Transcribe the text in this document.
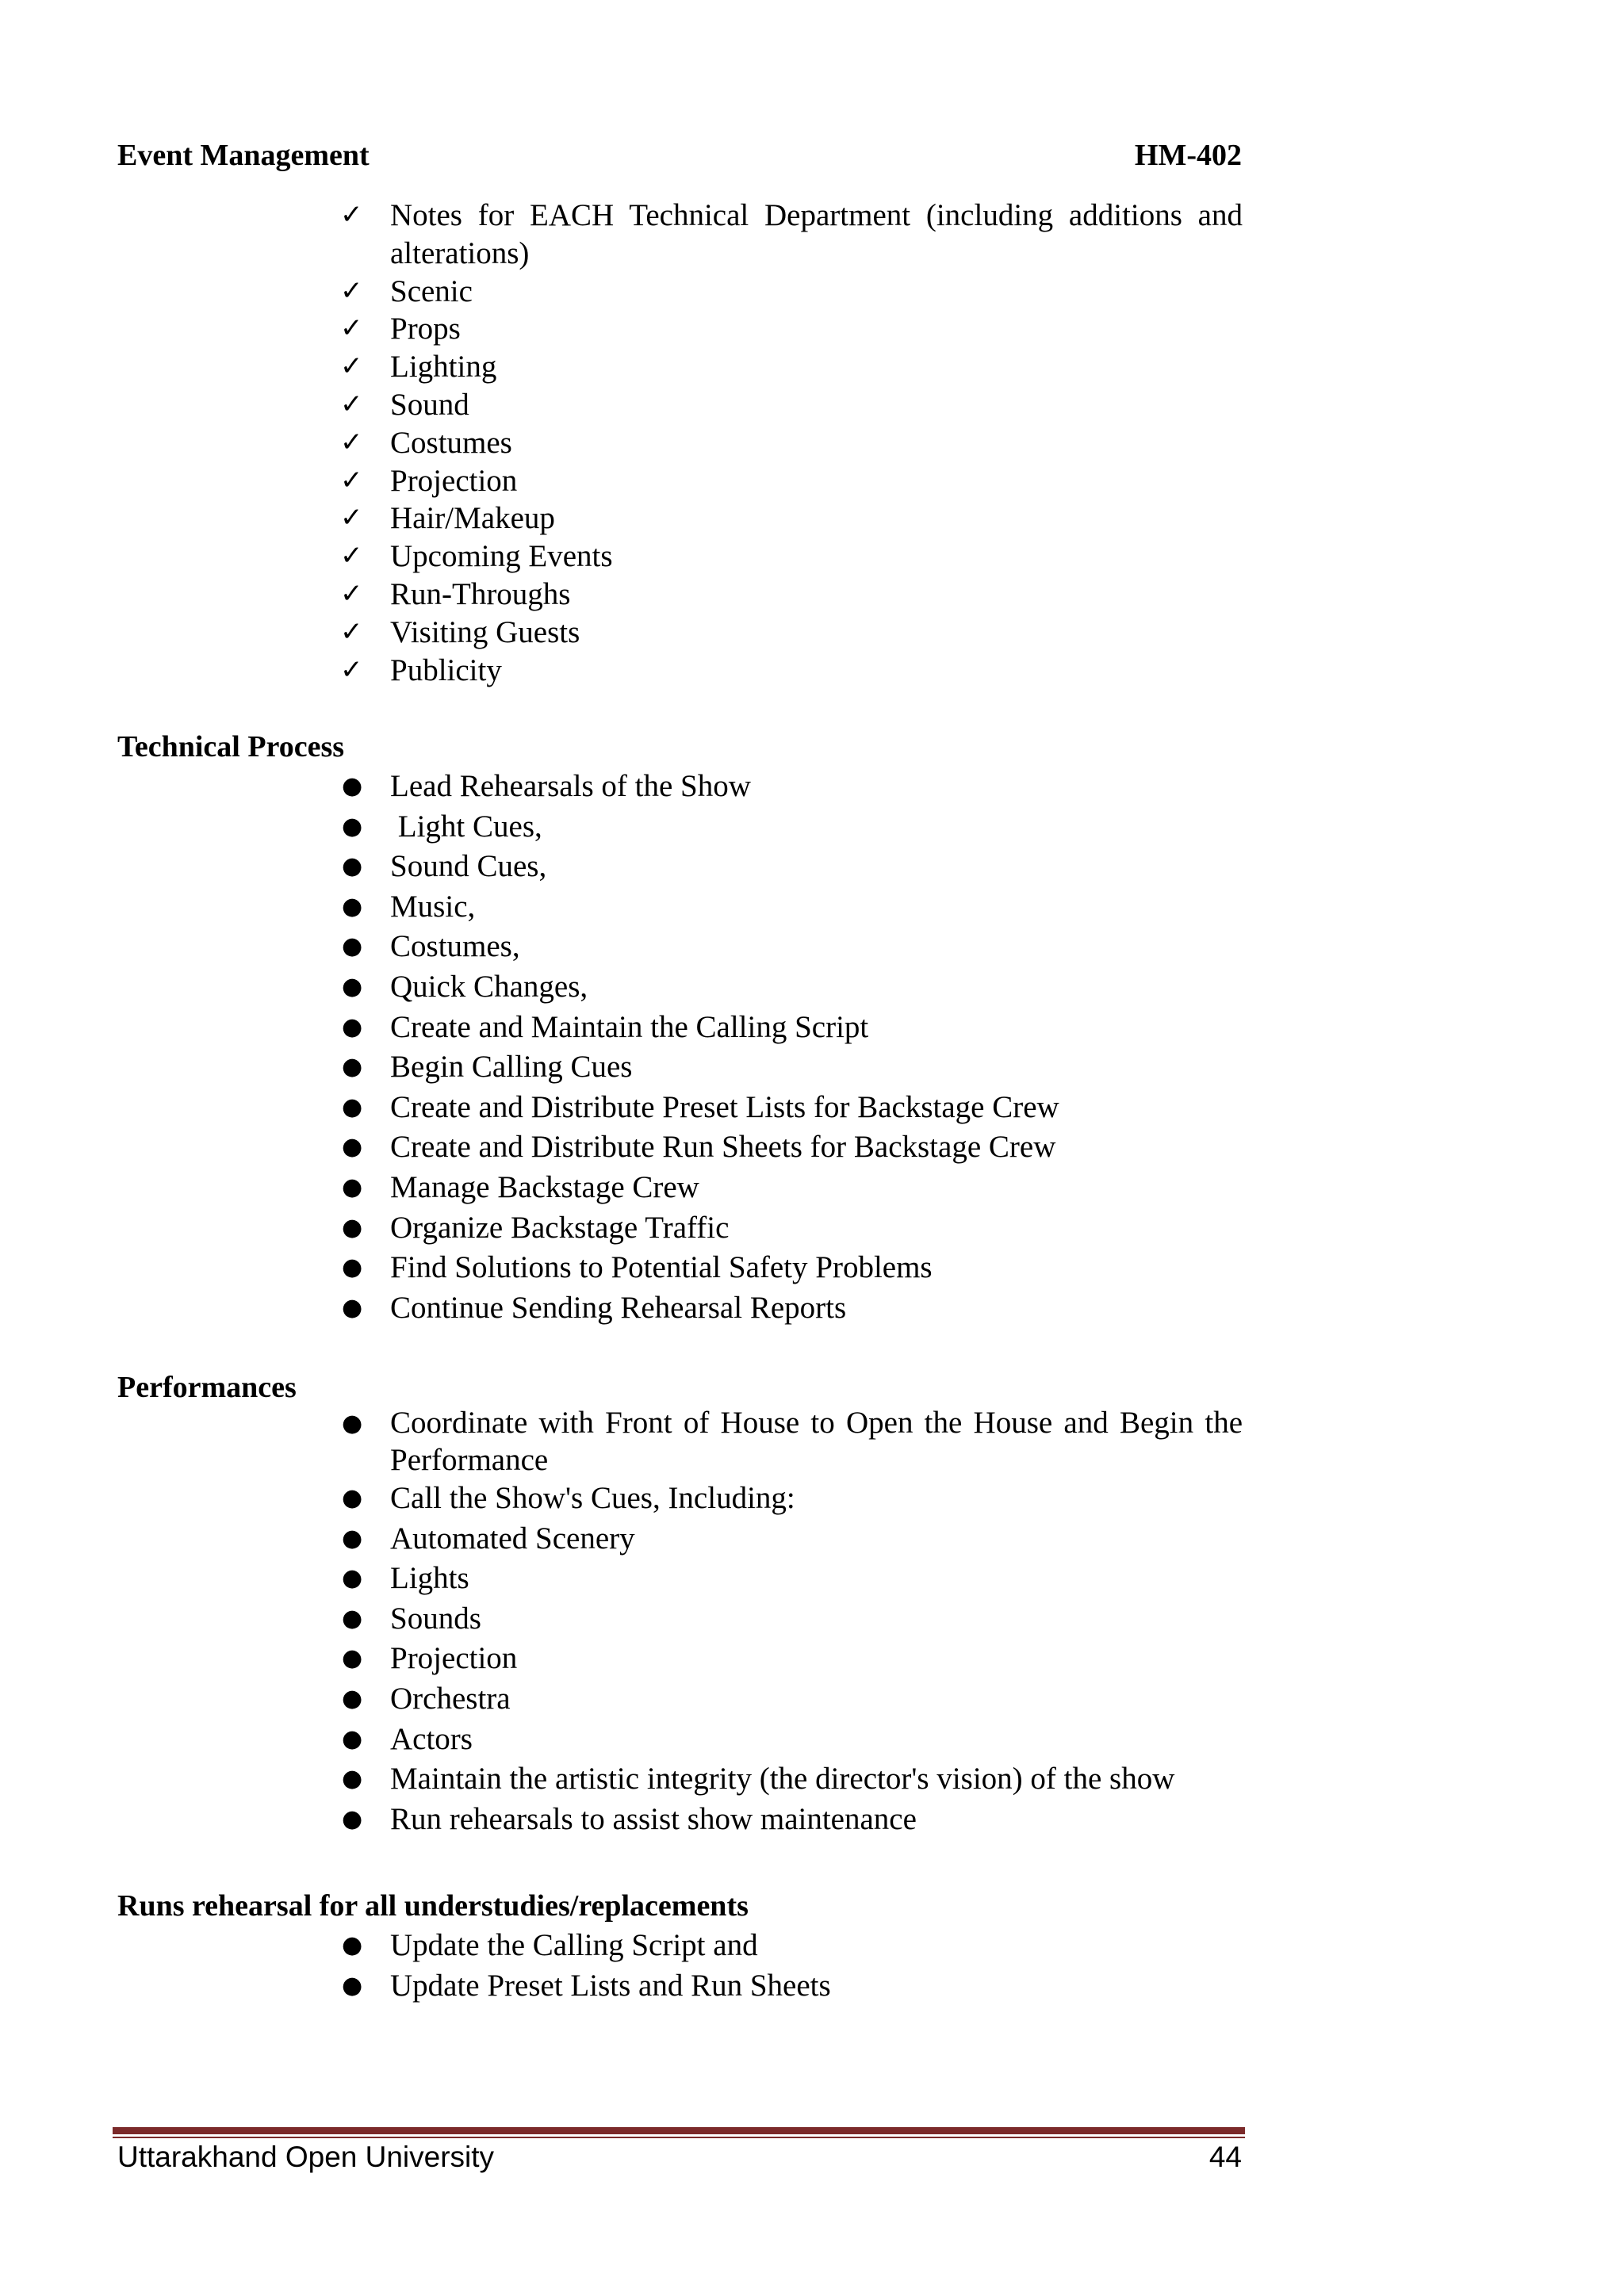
Event Management	HM-402
✓ Notes for EACH Technical Department (including additions and alterations)
✓ Scenic
✓ Props
✓ Lighting
✓ Sound
✓ Costumes
✓ Projection
✓ Hair/Makeup
✓ Upcoming Events
✓ Run-Throughs
✓ Visiting Guests
✓ Publicity
Technical Process
● Lead Rehearsals of the Show
● Light Cues,
● Sound Cues,
● Music,
● Costumes,
● Quick Changes,
● Create and Maintain the Calling Script
● Begin Calling Cues
● Create and Distribute Preset Lists for Backstage Crew
● Create and Distribute Run Sheets for Backstage Crew
● Manage Backstage Crew
● Organize Backstage Traffic
● Find Solutions to Potential Safety Problems
● Continue Sending Rehearsal Reports
Performances
● Coordinate with Front of House to Open the House and Begin the Performance
● Call the Show's Cues, Including:
● Automated Scenery
● Lights
● Sounds
● Projection
● Orchestra
● Actors
● Maintain the artistic integrity (the director's vision) of the show
● Run rehearsals to assist show maintenance
Runs rehearsal for all understudies/replacements
● Update the Calling Script and
● Update Preset Lists and Run Sheets
Uttarakhand Open University	44
